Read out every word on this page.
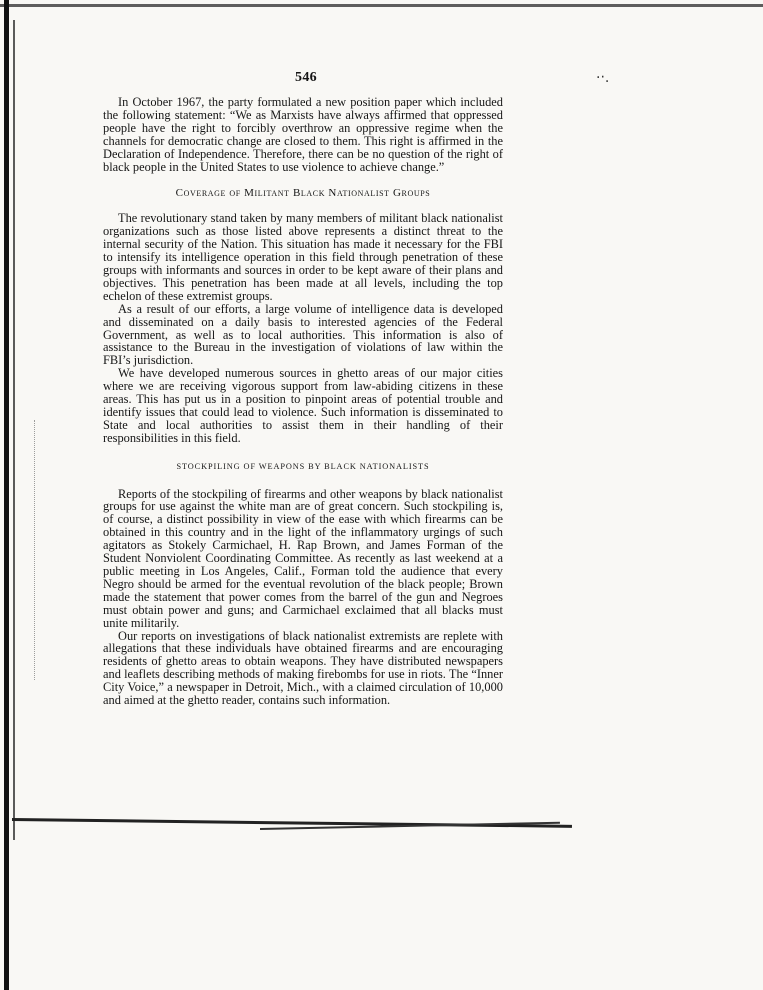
·‧.
546

In October 1967, the party formulated a new position paper which included the following statement: “We as Marxists have always affirmed that oppressed people have the right to forcibly overthrow an oppressive regime when the channels for democratic change are closed to them. This right is affirmed in the Declaration of Independence. Therefore, there can be no question of the right of black people in the United States to use violence to achieve change.”

Coverage of Militant Black Nationalist Groups

The revolutionary stand taken by many members of militant black nationalist organizations such as those listed above represents a distinct threat to the internal security of the Nation. This situation has made it necessary for the FBI to intensify its intelligence operation in this field through penetration of these groups with informants and sources in order to be kept aware of their plans and objectives. This penetration has been made at all levels, including the top echelon of these extremist groups.

As a result of our efforts, a large volume of intelligence data is developed and disseminated on a daily basis to interested agencies of the Federal Government, as well as to local authorities. This information is also of assistance to the Bureau in the investigation of violations of law within the FBI’s jurisdiction.

We have developed numerous sources in ghetto areas of our major cities where we are receiving vigorous support from law-abiding citizens in these areas. This has put us in a position to pinpoint areas of potential trouble and identify issues that could lead to violence. Such information is disseminated to State and local authorities to assist them in their handling of their responsibilities in this field.

STOCKPILING OF WEAPONS BY BLACK NATIONALISTS

Reports of the stockpiling of firearms and other weapons by black nationalist groups for use against the white man are of great concern. Such stockpiling is, of course, a distinct possibility in view of the ease with which firearms can be obtained in this country and in the light of the inflammatory urgings of such agitators as Stokely Carmichael, H. Rap Brown, and James Forman of the Student Nonviolent Coordinating Committee. As recently as last weekend at a public meeting in Los Angeles, Calif., Forman told the audience that every Negro should be armed for the eventual revolution of the black people; Brown made the statement that power comes from the barrel of the gun and Negroes must obtain power and guns; and Carmichael exclaimed that all blacks must unite militarily.

Our reports on investigations of black nationalist extremists are replete with allegations that these individuals have obtained firearms and are encouraging residents of ghetto areas to obtain weapons. They have distributed newspapers and leaflets describing methods of making firebombs for use in riots. The “Inner City Voice,” a newspaper in Detroit, Mich., with a claimed circulation of 10,000 and aimed at the ghetto reader, contains such information.
